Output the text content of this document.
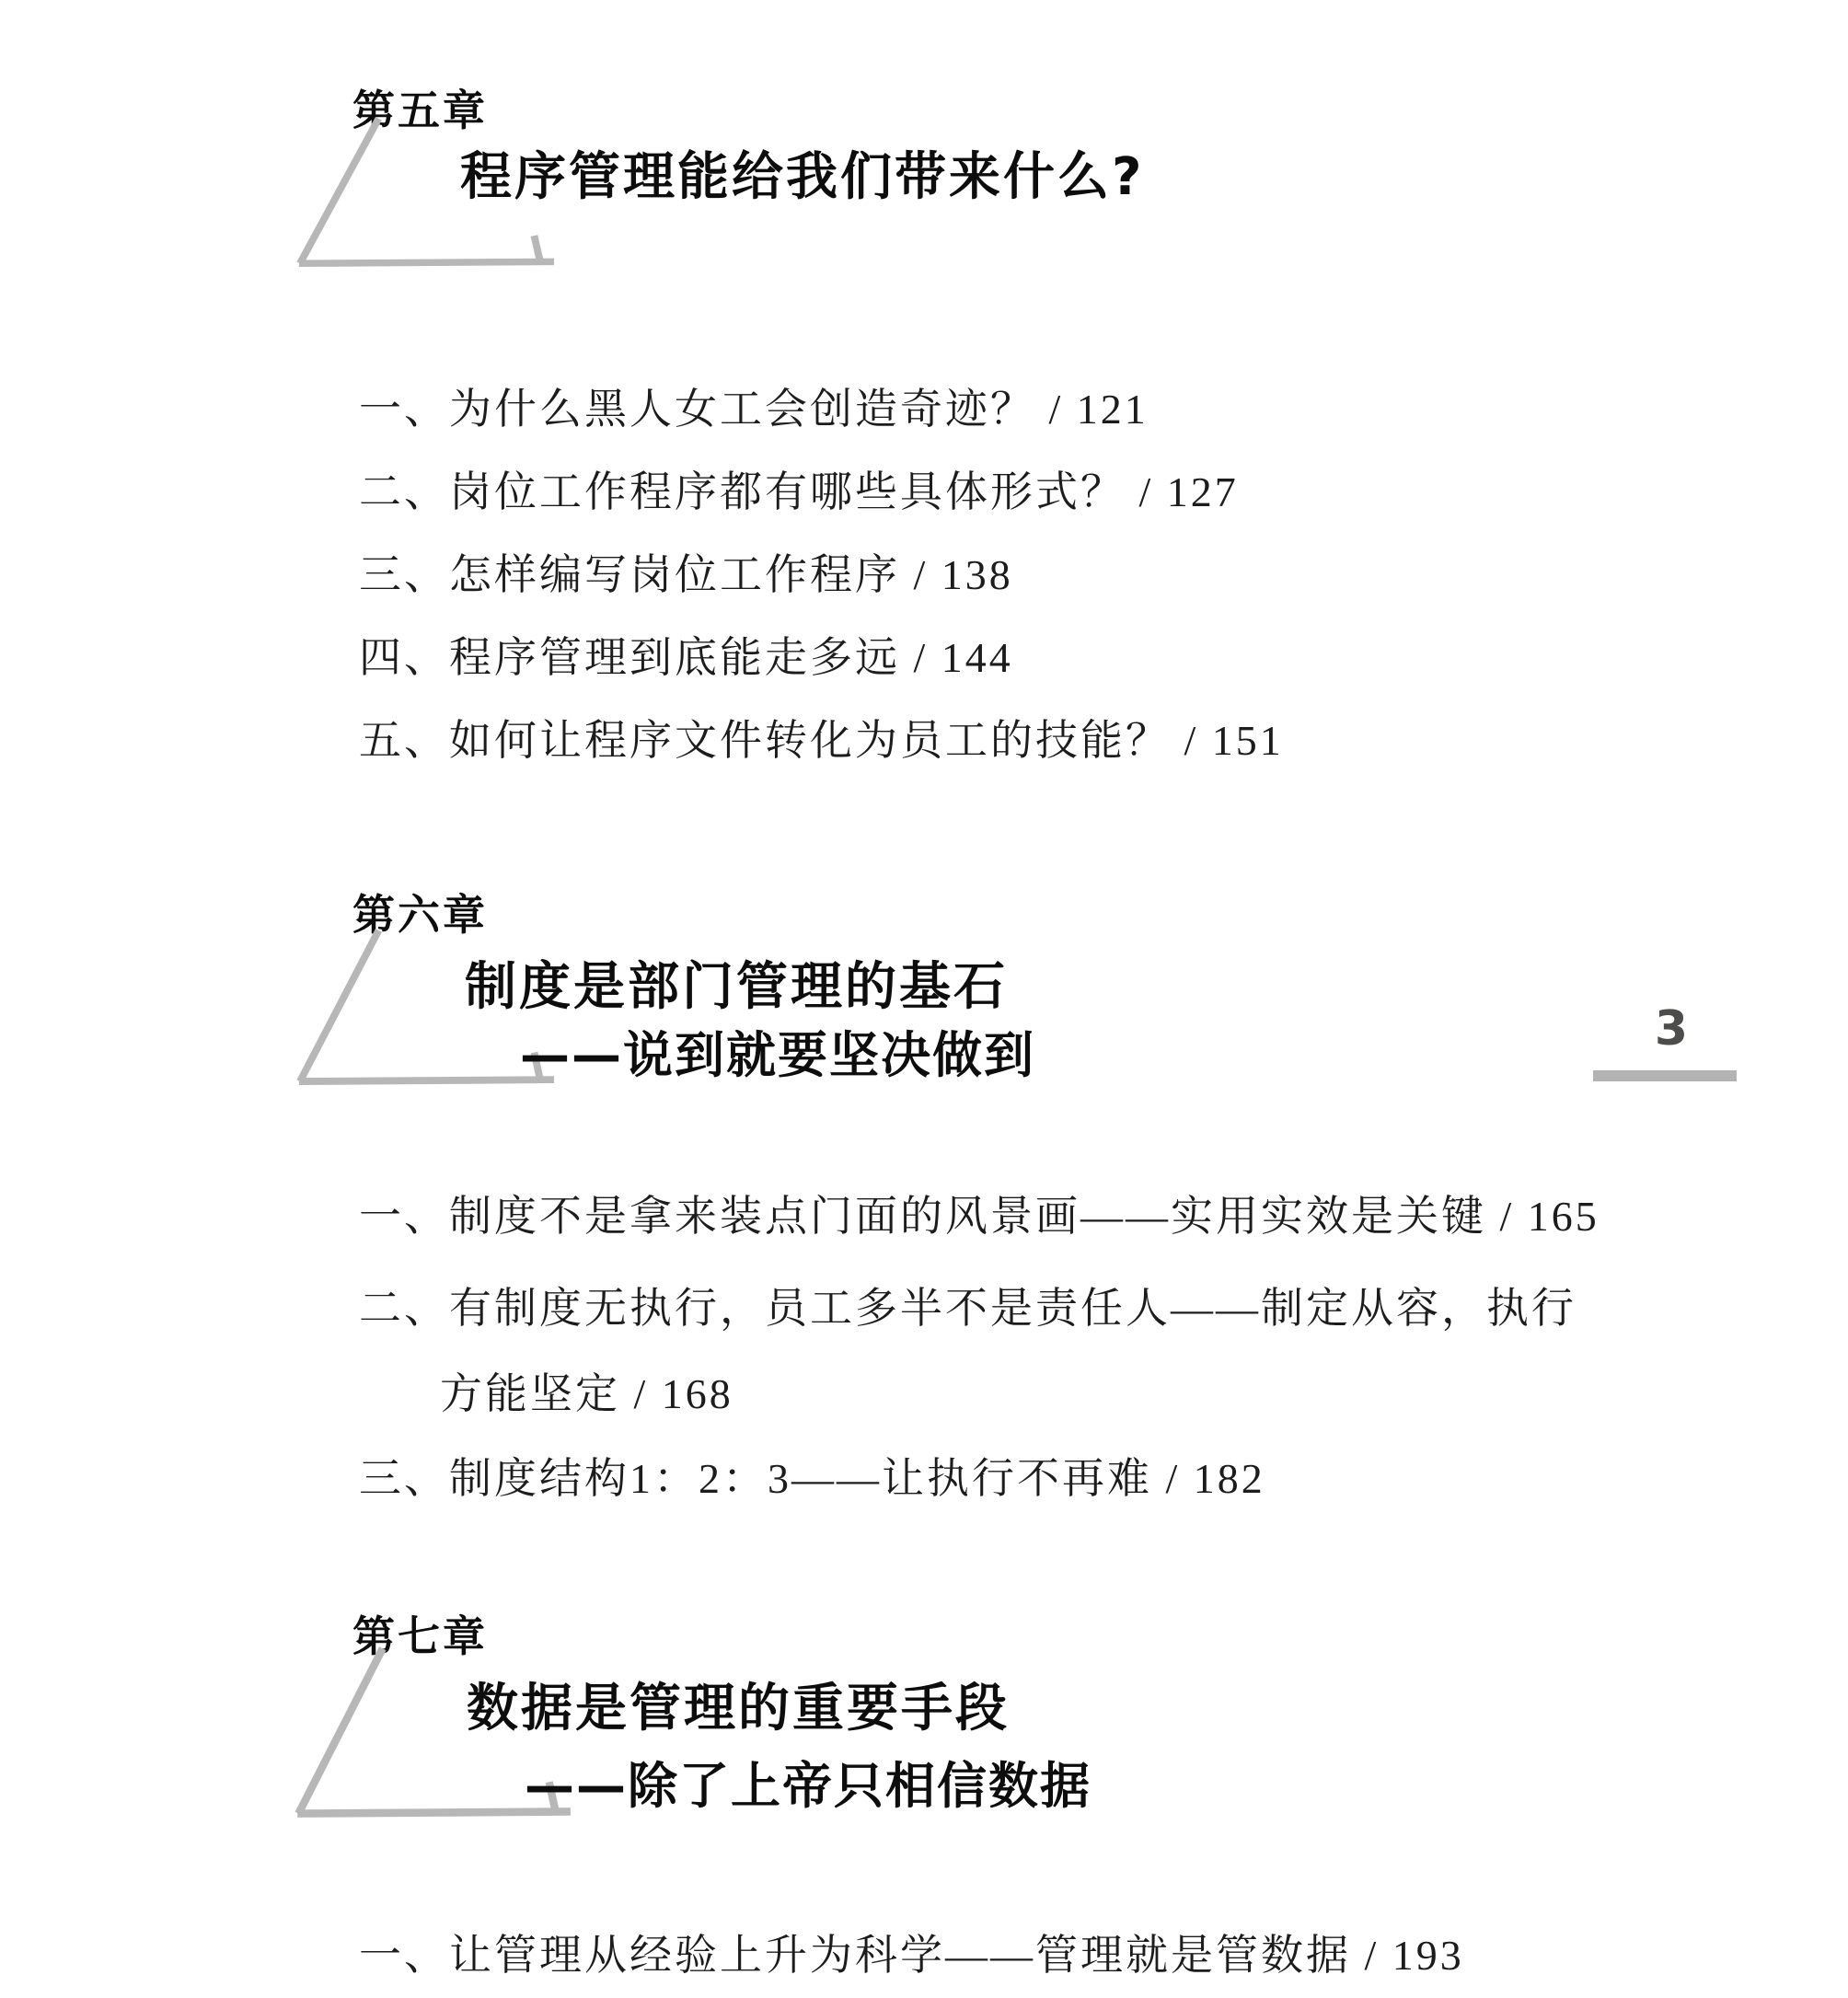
第五章
程序管理能给我们带来什么?
一、为什么黑人女工会创造奇迹？ / 121
二、岗位工作程序都有哪些具体形式？ / 127
三、怎样编写岗位工作程序 / 138
四、程序管理到底能走多远 / 144
五、如何让程序文件转化为员工的技能？ / 151
第六章
制度是部门管理的基石
——说到就要坚决做到	3
一、制度不是拿来装点门面的风景画——实用实效是关键 / 165
二、有制度无执行，员工多半不是责任人——制定从容，执行
方能坚定 / 168
三、制度结构1：2：3——让执行不再难 / 182
第七章
数据是管理的重要手段
——除了上帝只相信数据
一、让管理从经验上升为科学——管理就是管数据 / 193
